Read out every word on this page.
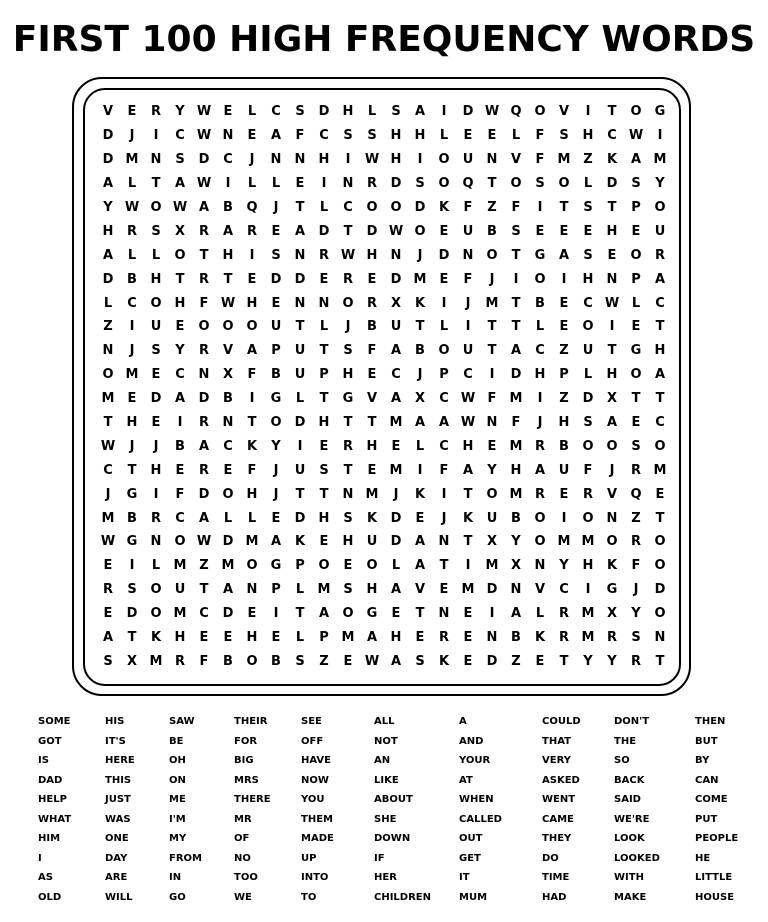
FIRST 100 HIGH FREQUENCY WORDS
V	E	R	Y W E	L	C	S	D	H	L	S	A	I	D W Q O	V	I	T	O	G
D	J	I	C W N	E	A	F	C	S	S	H	H	L	E	E	L	F	S	H	C W	I
D M N	S	D	C	J	N	N	H	I	W H	I	O	U	N	V	F	M Z	K	A M
A	L	T	A W	I	L	L	E	I	N	R	D	S	O Q	T	O	S	O	L	D	S	Y
Y W O W A	B	Q	J	T	L	C	O O	D	K	F	Z	F	I	T	S	T	P	O
H	R	S	X	R	A	R	E	A	D	T	D W O	E	U	B	S	E	E	E	H	E	U
A	L	L	O	T	H	I	S	N	R W H	N	J	D	N	O	T	G	A	S	E	O	R
D	B	H	T	R	T	E	D	D	E	R	E	D M	E	F	J	I	O	I	H	N	P	A
L	C	O	H	F W H	E	N	N	O	R	X	K	I	J	M	T	B	E	C W L	C
Z	I	U	E	O O O	U	T	L	J	B	U	T	L	I	T	T	L	E	O	I	E	T
N	J	S	Y	R	V	A	P	U	T	S	F	A	B	O	U	T	A	C	Z	U	T	G	H
O M	E	C	N	X	F	B	U	P	H	E	C	J	P	C	I	D	H	P	L	H	O	A
M	E	D	A	D	B	I	G	L	T	G	V	A	X	C W F	M	I	Z	D	X	T	T
T	H	E	I	R	N	T	O	D	H	T	T	M A	A W N	F	J	H	S	A	E	C
W	J	J	B	A	C	K	Y	I	E	R	H	E	L	C	H	E	M R	B	O O	S	O
C	T	H	E	R	E	F	J	U	S	T	E	M	I	F	A	Y	H	A	U	F	J	R M
J	G	I	F	D	O	H	J	T	T	N M	J	K	I	T	O M R	E	R	V	Q	E
M B	R	C	A	L	L	E	D	H	S	K	D	E	J	K	U	B	O	I	O	N	Z	T
W G	N	O W D M A	K	E	H	U	D	A	N	T	X	Y	O M M O	R	O
E	I	L	M Z M O	G	P	O	E	O	L	A	T	I	M X	N	Y	H	K	F	O
R	S	O	U	T	A	N	P	L	M S	H	A	V	E	M D	N	V	C	I	G	J	D
E	D	O M C	D	E	I	T	A	O	G	E	T	N	E	I	A	L	R M X	Y	O
A	T	K	H	E	E	H	E	L	P M A	H	E	R	E	N	B	K	R M R	S	N
S	X M R	F	B	O	B	S	Z	E W A	S	K	E	D	Z	E	T	Y	Y	R	T
SOME
GOT
IS
DAD
HELP
WHAT
HIM
I
AS
OLD
HIS
IT'S
HERE
THIS
JUST
WAS
ONE
DAY
ARE
WILL
SAW
BE
OH
ON
ME
I'M
MY
FROM
IN
GO
THEIR
FOR
BIG
MRS
THERE
MR
OF
NO
TOO
WE
SEE
OFF
HAVE
NOW
YOU
THEM
MADE
UP
INTO
TO
ALL
NOT
AN
LIKE
ABOUT
SHE
DOWN
IF
HER
CHILDREN
A
AND
YOUR
AT
WHEN
CALLED
OUT
GET
IT
MUM
COULD
THAT
VERY
ASKED
WENT
CAME
THEY
DO
TIME
HAD
DON'T
THE
SO
BACK
SAID
WE'RE
LOOK
LOOKED
WITH
MAKE
THEN
BUT
BY
CAN
COME
PUT
PEOPLE
HE
LITTLE
HOUSE
